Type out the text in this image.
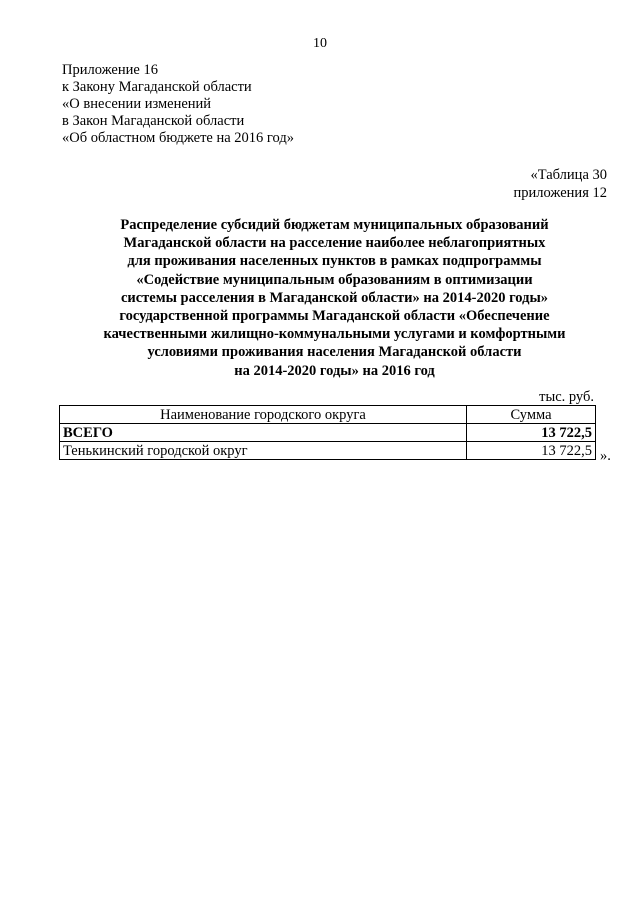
10
Приложение 16
к Закону Магаданской области
«О внесении изменений
в Закон Магаданской области
«Об областном бюджете на 2016 год»
«Таблица 30
приложения 12
Распределение субсидий бюджетам муниципальных образований
Магаданской области на расселение наиболее неблагоприятных
для проживания населенных пунктов в рамках подпрограммы
«Содействие муниципальным образованиям в оптимизации
системы расселения в Магаданской области» на 2014-2020 годы»
государственной программы Магаданской области «Обеспечение
качественными жилищно-коммунальными услугами и комфортными
условиями проживания населения Магаданской области
на 2014-2020 годы» на 2016 год
тыс. руб.
Наименование городского округа	Сумма
ВСЕГО	13 722,5
Тенькинский городской округ	13 722,5 ».
